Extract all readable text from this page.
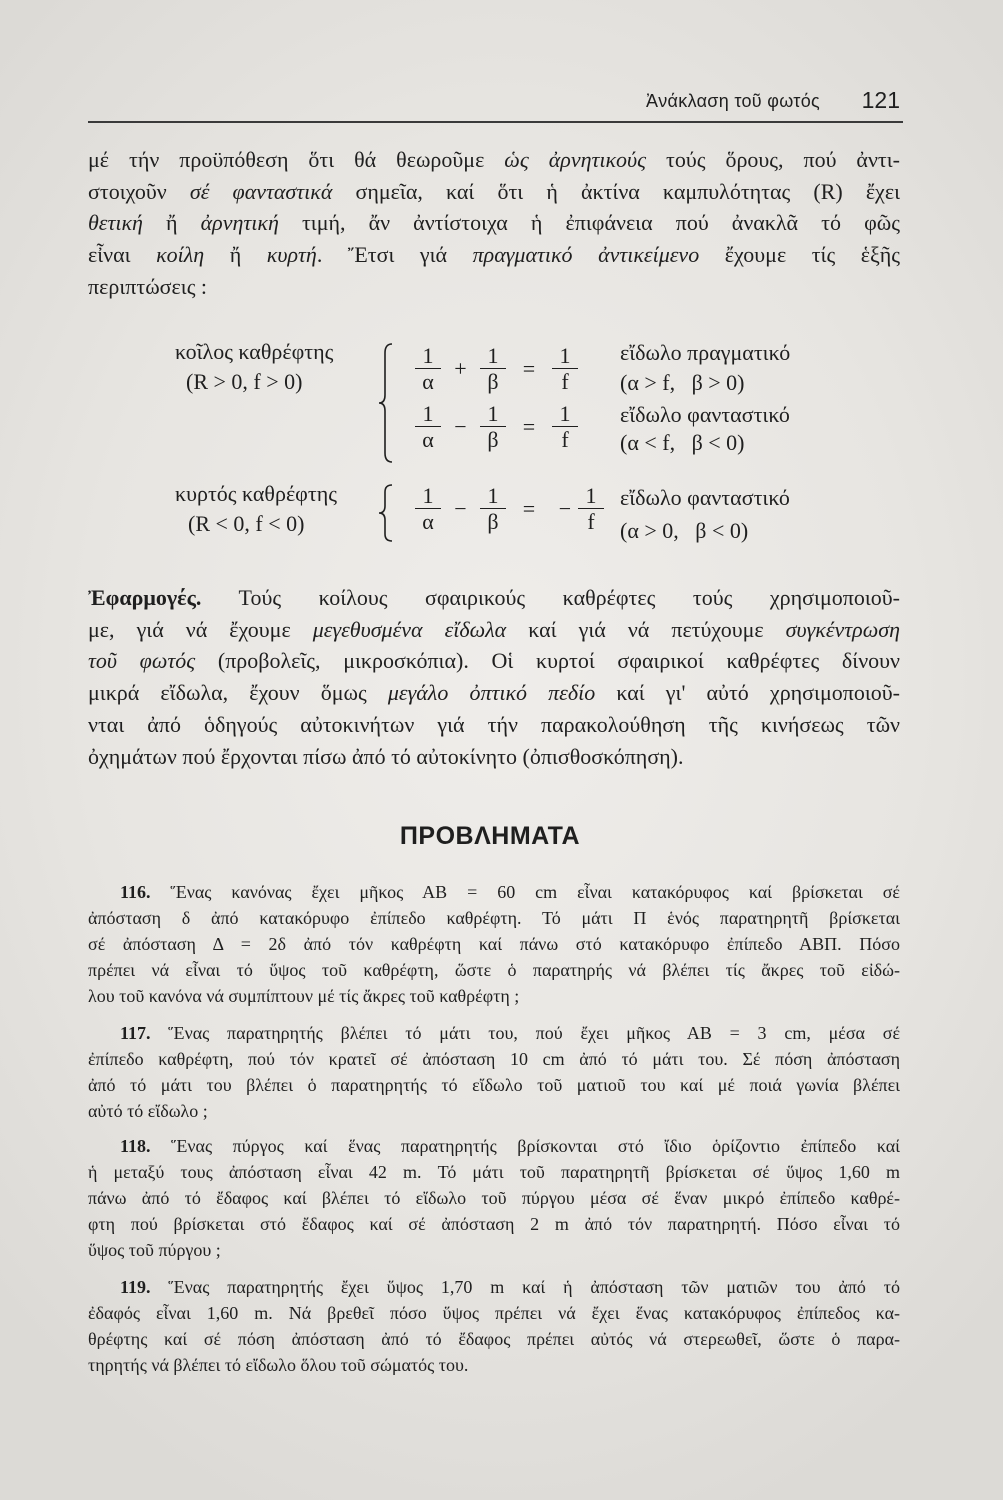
Ἀνάκλαση τοῦ φωτός 121
μέ τήν προϋπόθεση ὅτι θά θεωροῦμε ὡς ἀρνητικούς τούς ὅρους, πού ἀντι-
στοιχοῦν σέ φανταστικά σημεῖα, καί ὅτι ἡ ἀκτίνα καμπυλότητας (R) ἔχει
θετική ἤ ἀρνητική τιμή, ἄν ἀντίστοιχα ἡ ἐπιφάνεια πού ἀνακλᾶ τό φῶς
εἶναι κοίλη ἤ κυρτή. Ἔτσι γιά πραγματικό ἀντικείμενο ἔχουμε τίς ἑξῆς
περιπτώσεις :
κοῖλος καθρέφτης
(R > 0, f > 0)	$\frac{1}{\alpha} + \frac{1}{\beta} = \frac{1}{f}$ εἴδωλο πραγματικό
(α > f,   β > 0)
$\frac{1}{\alpha} - \frac{1}{\beta} = \frac{1}{f}$ εἴδωλο φανταστικό
(α < f,   β < 0)
κυρτός καθρέφτης
(R < 0, f < 0)	$\frac{1}{\alpha} - \frac{1}{\beta}$ =	− $\frac{1}{f}$ εἴδωλο φανταστικό
(α > 0,   β < 0)
Ἐφαρμογές. Τούς κοίλους σφαιρικούς καθρέφτες τούς χρησιμοποιοῦ-
με, γιά νά ἔχουμε μεγεθυσμένα εἴδωλα καί γιά νά πετύχουμε συγκέντρωση
τοῦ φωτός (προβολεῖς, μικροσκόπια). Οἱ κυρτοί σφαιρικοί καθρέφτες δίνουν
μικρά εἴδωλα, ἔχουν ὅμως μεγάλο ὀπτικό πεδίο καί γι' αὐτό χρησιμοποιοῦ-
νται ἀπό ὁδηγούς αὐτοκινήτων γιά τήν παρακολούθηση τῆς κινήσεως τῶν
ὀχημάτων πού ἔρχονται πίσω ἀπό τό αὐτοκίνητο (ὀπισθοσκόπηση).
ΠΡΟΒΛΗΜΑΤΑ
116. Ἕνας κανόνας ἔχει μῆκος ΑΒ = 60 cm εἶναι κατακόρυφος καί βρίσκεται σέ
ἀπόσταση δ ἀπό κατακόρυφο ἐπίπεδο καθρέφτη. Τό μάτι Π ἑνός παρατηρητῆ βρίσκεται
σέ ἀπόσταση Δ = 2δ ἀπό τόν καθρέφτη καί πάνω στό κατακόρυφο ἐπίπεδο ΑΒΠ. Πόσο
πρέπει νά εἶναι τό ὕψος τοῦ καθρέφτη, ὥστε ὁ παρατηρής νά βλέπει τίς ἄκρες τοῦ εἰδώ-
λου τοῦ κανόνα νά συμπίπτουν μέ τίς ἄκρες τοῦ καθρέφτη ;
117. Ἕνας παρατηρητής βλέπει τό μάτι του, πού ἔχει μῆκος ΑΒ = 3 cm, μέσα σέ
ἐπίπεδο καθρέφτη, πού τόν κρατεῖ σέ ἀπόσταση 10 cm ἀπό τό μάτι του. Σέ πόση ἀπόσταση
ἀπό τό μάτι του βλέπει ὁ παρατηρητής τό εἴδωλο τοῦ ματιοῦ του καί μέ ποιά γωνία βλέπει
αὐτό τό εἴδωλο ;
118. Ἕνας πύργος καί ἕνας παρατηρητής βρίσκονται στό ἴδιο ὁρίζοντιο ἐπίπεδο καί
ἡ μεταξύ τους ἀπόσταση εἶναι 42 m. Τό μάτι τοῦ παρατηρητῆ βρίσκεται σέ ὕψος 1,60 m
πάνω ἀπό τό ἔδαφος καί βλέπει τό εἴδωλο τοῦ πύργου μέσα σέ ἕναν μικρό ἐπίπεδο καθρέ-
φτη πού βρίσκεται στό ἔδαφος καί σέ ἀπόσταση 2 m ἀπό τόν παρατηρητή. Πόσο εἶναι τό
ὕψος τοῦ πύργου ;
119. Ἕνας παρατηρητής ἔχει ὕψος 1,70 m καί ἡ ἀπόσταση τῶν ματιῶν του ἀπό τό
ἐδαφός εἶναι 1,60 m. Νά βρεθεῖ πόσο ὕψος πρέπει νά ἔχει ἕνας κατακόρυφος ἐπίπεδος κα-
θρέφτης καί σέ πόση ἀπόσταση ἀπό τό ἔδαφος πρέπει αὐτός νά στερεωθεῖ, ὥστε ὁ παρα-
τηρητής νά βλέπει τό εἴδωλο ὅλου τοῦ σώματός του.
